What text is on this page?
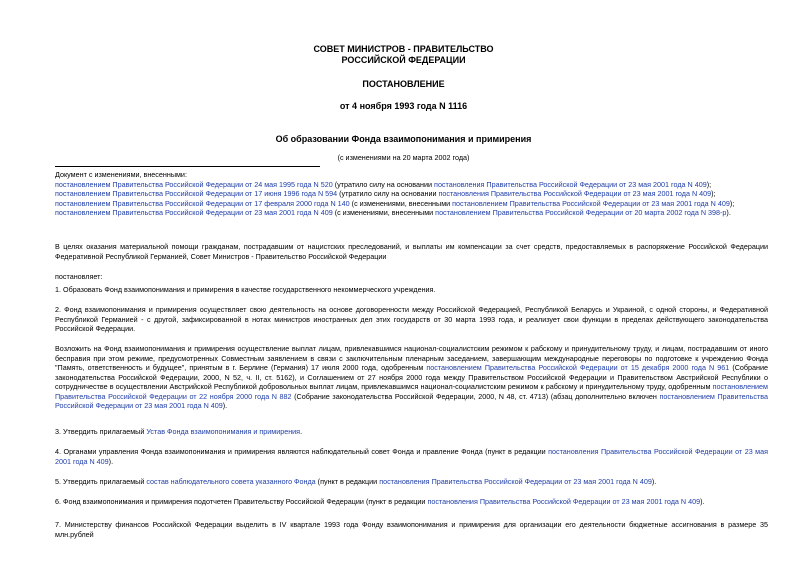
СОВЕТ МИНИСТРОВ - ПРАВИТЕЛЬСТВО
РОССИЙСКОЙ ФЕДЕРАЦИИ
ПОСТАНОВЛЕНИЕ
от 4 ноября 1993 года N 1116
Об образовании Фонда взаимопонимания и примирения
(с изменениями на 20 марта 2002 года)
Документ с изменениями, внесенными:
постановлением Правительства Российской Федерации от 24 мая 1995 года N 520 (утратило силу на основании постановления Правительства Российской Федерации от 23 мая 2001 года N 409);
постановлением Правительства Российской Федерации от 17 июня 1996 года N 594 (утратило силу на основании постановления Правительства Российской Федерации от 23 мая 2001 года N 409);
постановлением Правительства Российской Федерации от 17 февраля 2000 года N 140 (с изменениями, внесенными постановлением Правительства Российской Федерации от 23 мая 2001 года N 409);
постановлением Правительства Российской Федерации от 23 мая 2001 года N 409 (с изменениями, внесенными постановлением Правительства Российской Федерации от 20 марта 2002 года N 398-р).
В целях оказания материальной помощи гражданам, пострадавшим от нацистских преследований, и выплаты им компенсации за счет средств, предоставляемых в распоряжение Российской Федерации Федеративной Республикой Германией, Совет Министров - Правительство Российской Федерации
постановляет:
1. Образовать Фонд взаимопонимания и примирения в качестве государственного некоммерческого учреждения.
2. Фонд взаимопонимания и примирения осуществляет свою деятельность на основе договоренности между Российской Федерацией, Республикой Беларусь и Украиной, с одной стороны, и Федеративной Республикой Германией - с другой, зафиксированной в нотах министров иностранных дел этих государств от 30 марта 1993 года, и реализует свои функции в пределах действующего законодательства Российской Федерации.
Возложить на Фонд взаимопонимания и примирения осуществление выплат лицам, привлекавшимся национал-социалистским режимом к рабскому и принудительному труду, и лицам, пострадавшим от иного бесправия при этом режиме, предусмотренных Совместным заявлением в связи с заключительным пленарным заседанием, завершающим международные переговоры по подготовке к учреждению Фонда "Память, ответственность и будущее", принятым в г. Берлине (Германия) 17 июля 2000 года, одобренным постановлением Правительства Российской Федерации от 15 декабря 2000 года N 961 (Собрание законодательства Российской Федерации, 2000, N 52, ч. II, ст. 5162), и Соглашением от 27 ноября 2000 года между Правительством Российской Федерации и Правительством Австрийской Республики о сотрудничестве в осуществлении Австрийской Республикой добровольных выплат лицам, привлекавшимся национал-социалистским режимом к рабскому и принудительному труду, одобренным постановлением Правительства Российской Федерации от 22 ноября 2000 года N 882 (Собрание законодательства Российской Федерации, 2000, N 48, ст. 4713) (абзац дополнительно включен постановлением Правительства Российской Федерации от 23 мая 2001 года N 409).
3. Утвердить прилагаемый Устав Фонда взаимопонимания и примирения.
4. Органами управления Фонда взаимопонимания и примирения являются наблюдательный совет Фонда и правление Фонда (пункт в редакции постановления Правительства Российской Федерации от 23 мая 2001 года N 409).
5. Утвердить прилагаемый состав наблюдательного совета указанного Фонда (пункт в редакции постановления Правительства Российской Федерации от 23 мая 2001 года N 409).
6. Фонд взаимопонимания и примирения подотчетен Правительству Российской Федерации (пункт в редакции постановления Правительства Российской Федерации от 23 мая 2001 года N 409).
7. Министерству финансов Российской Федерации выделить в IV квартале 1993 года Фонду взаимопонимания и примирения для организации его деятельности бюджетные ассигнования в размере 35 млн.рублей
